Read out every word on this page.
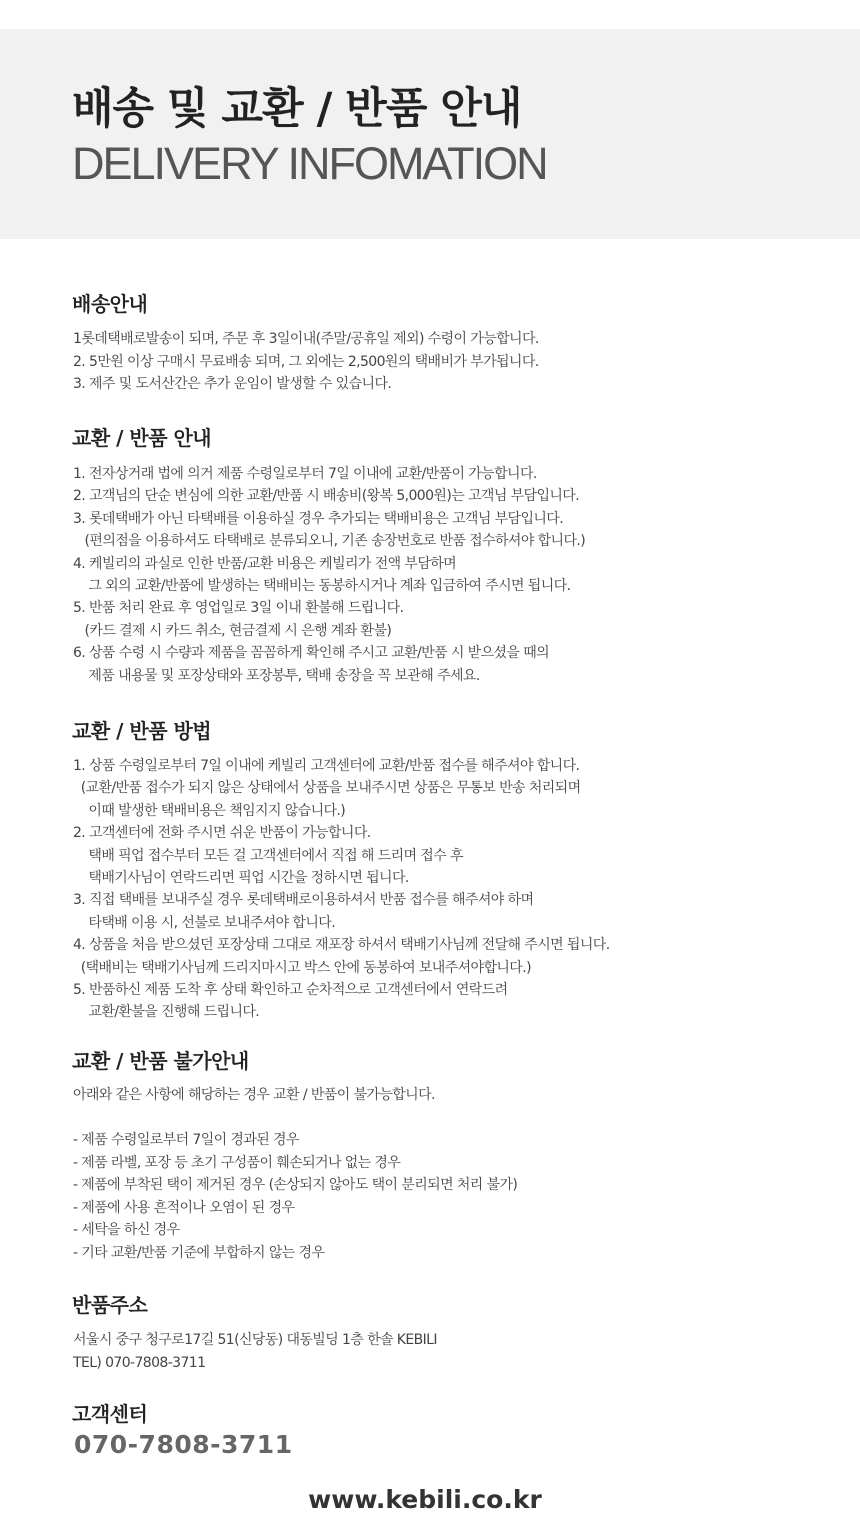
배송 및 교환 / 반품 안내

DELIVERY INFOMATION

배송안내
1롯데택배로발송이 되며, 주문 후 3일이내(주말/공휴일 제외) 수령이 가능합니다.
2. 5만원 이상 구매시 무료배송 되며, 그 외에는 2,500원의 택배비가 부가됩니다.
3. 제주 및 도서산간은 추가 운임이 발생할 수 있습니다.
교환 / 반품 안내
1. 전자상거래 법에 의거 제품 수령일로부터 7일 이내에 교환/반품이 가능합니다.
2. 고객님의 단순 변심에 의한 교환/반품 시 배송비(왕복 5,000원)는 고객님 부담입니다.
3. 롯데택배가 아닌 타택배를 이용하실 경우 추가되는 택배비용은 고객님 부담입니다.
(편의점을 이용하셔도 타택배로 분류되오니, 기존 송장번호로 반품 접수하셔야 합니다.)
4. 케빌리의 과실로 인한 반품/교환 비용은 케빌리가 전액 부담하며
그 외의 교환/반품에 발생하는 택배비는 동봉하시거나 계좌 입금하여 주시면 됩니다.
5. 반품 처리 완료 후 영업일로 3일 이내 환불해 드립니다.
(카드 결제 시 카드 취소, 현금결제 시 은행 계좌 환불)
6. 상품 수령 시 수량과 제품을 꼼꼼하게 확인해 주시고 교환/반품 시 받으셨을 때의
제품 내용물 및 포장상태와 포장봉투, 택배 송장을 꼭 보관해 주세요.
교환 / 반품 방법
1. 상품 수령일로부터 7일 이내에 케빌리 고객센터에 교환/반품 접수를 해주셔야 합니다.
(교환/반품 접수가 되지 않은 상태에서 상품을 보내주시면 상품은 무통보 반송 처리되며
이때 발생한 택배비용은 책임지지 않습니다.)
2. 고객센터에 전화 주시면 쉬운 반품이 가능합니다.
택배 픽업 접수부터 모든 걸 고객센터에서 직접 해 드리며 접수 후
택배기사님이 연락드리면 픽업 시간을 정하시면 됩니다.
3. 직접 택배를 보내주실 경우 롯데택배로이용하셔서 반품 접수를 해주셔야 하며
타택배 이용 시, 선불로 보내주셔야 합니다.
4. 상품을 처음 받으셨던 포장상태 그대로 재포장 하셔서 택배기사님께 전달해 주시면 됩니다.
(택배비는 택배기사님께 드리지마시고 박스 안에 동봉하여 보내주셔야합니다.)
5. 반품하신 제품 도착 후 상태 확인하고 순차적으로 고객센터에서 연락드려
교환/환불을 진행해 드립니다.
교환 / 반품 불가안내
아래와 같은 사항에 해당하는 경우 교환 / 반품이 불가능합니다.
- 제품 수령일로부터 7일이 경과된 경우
- 제품 라벨, 포장 등 초기 구성품이 훼손되거나 없는 경우
- 제품에 부착된 택이 제거된 경우 (손상되지 않아도 택이 분리되면 처리 불가)
- 제품에 사용 흔적이나 오염이 된 경우
- 세탁을 하신 경우
- 기타 교환/반품 기준에 부합하지 않는 경우
반품주소
서울시 중구 청구로17길 51(신당동) 대동빌딩 1층 한솔 KEBILI
TEL) 070-7808-3711
고객센터

070-7808-3711

www.kebili.co.kr
